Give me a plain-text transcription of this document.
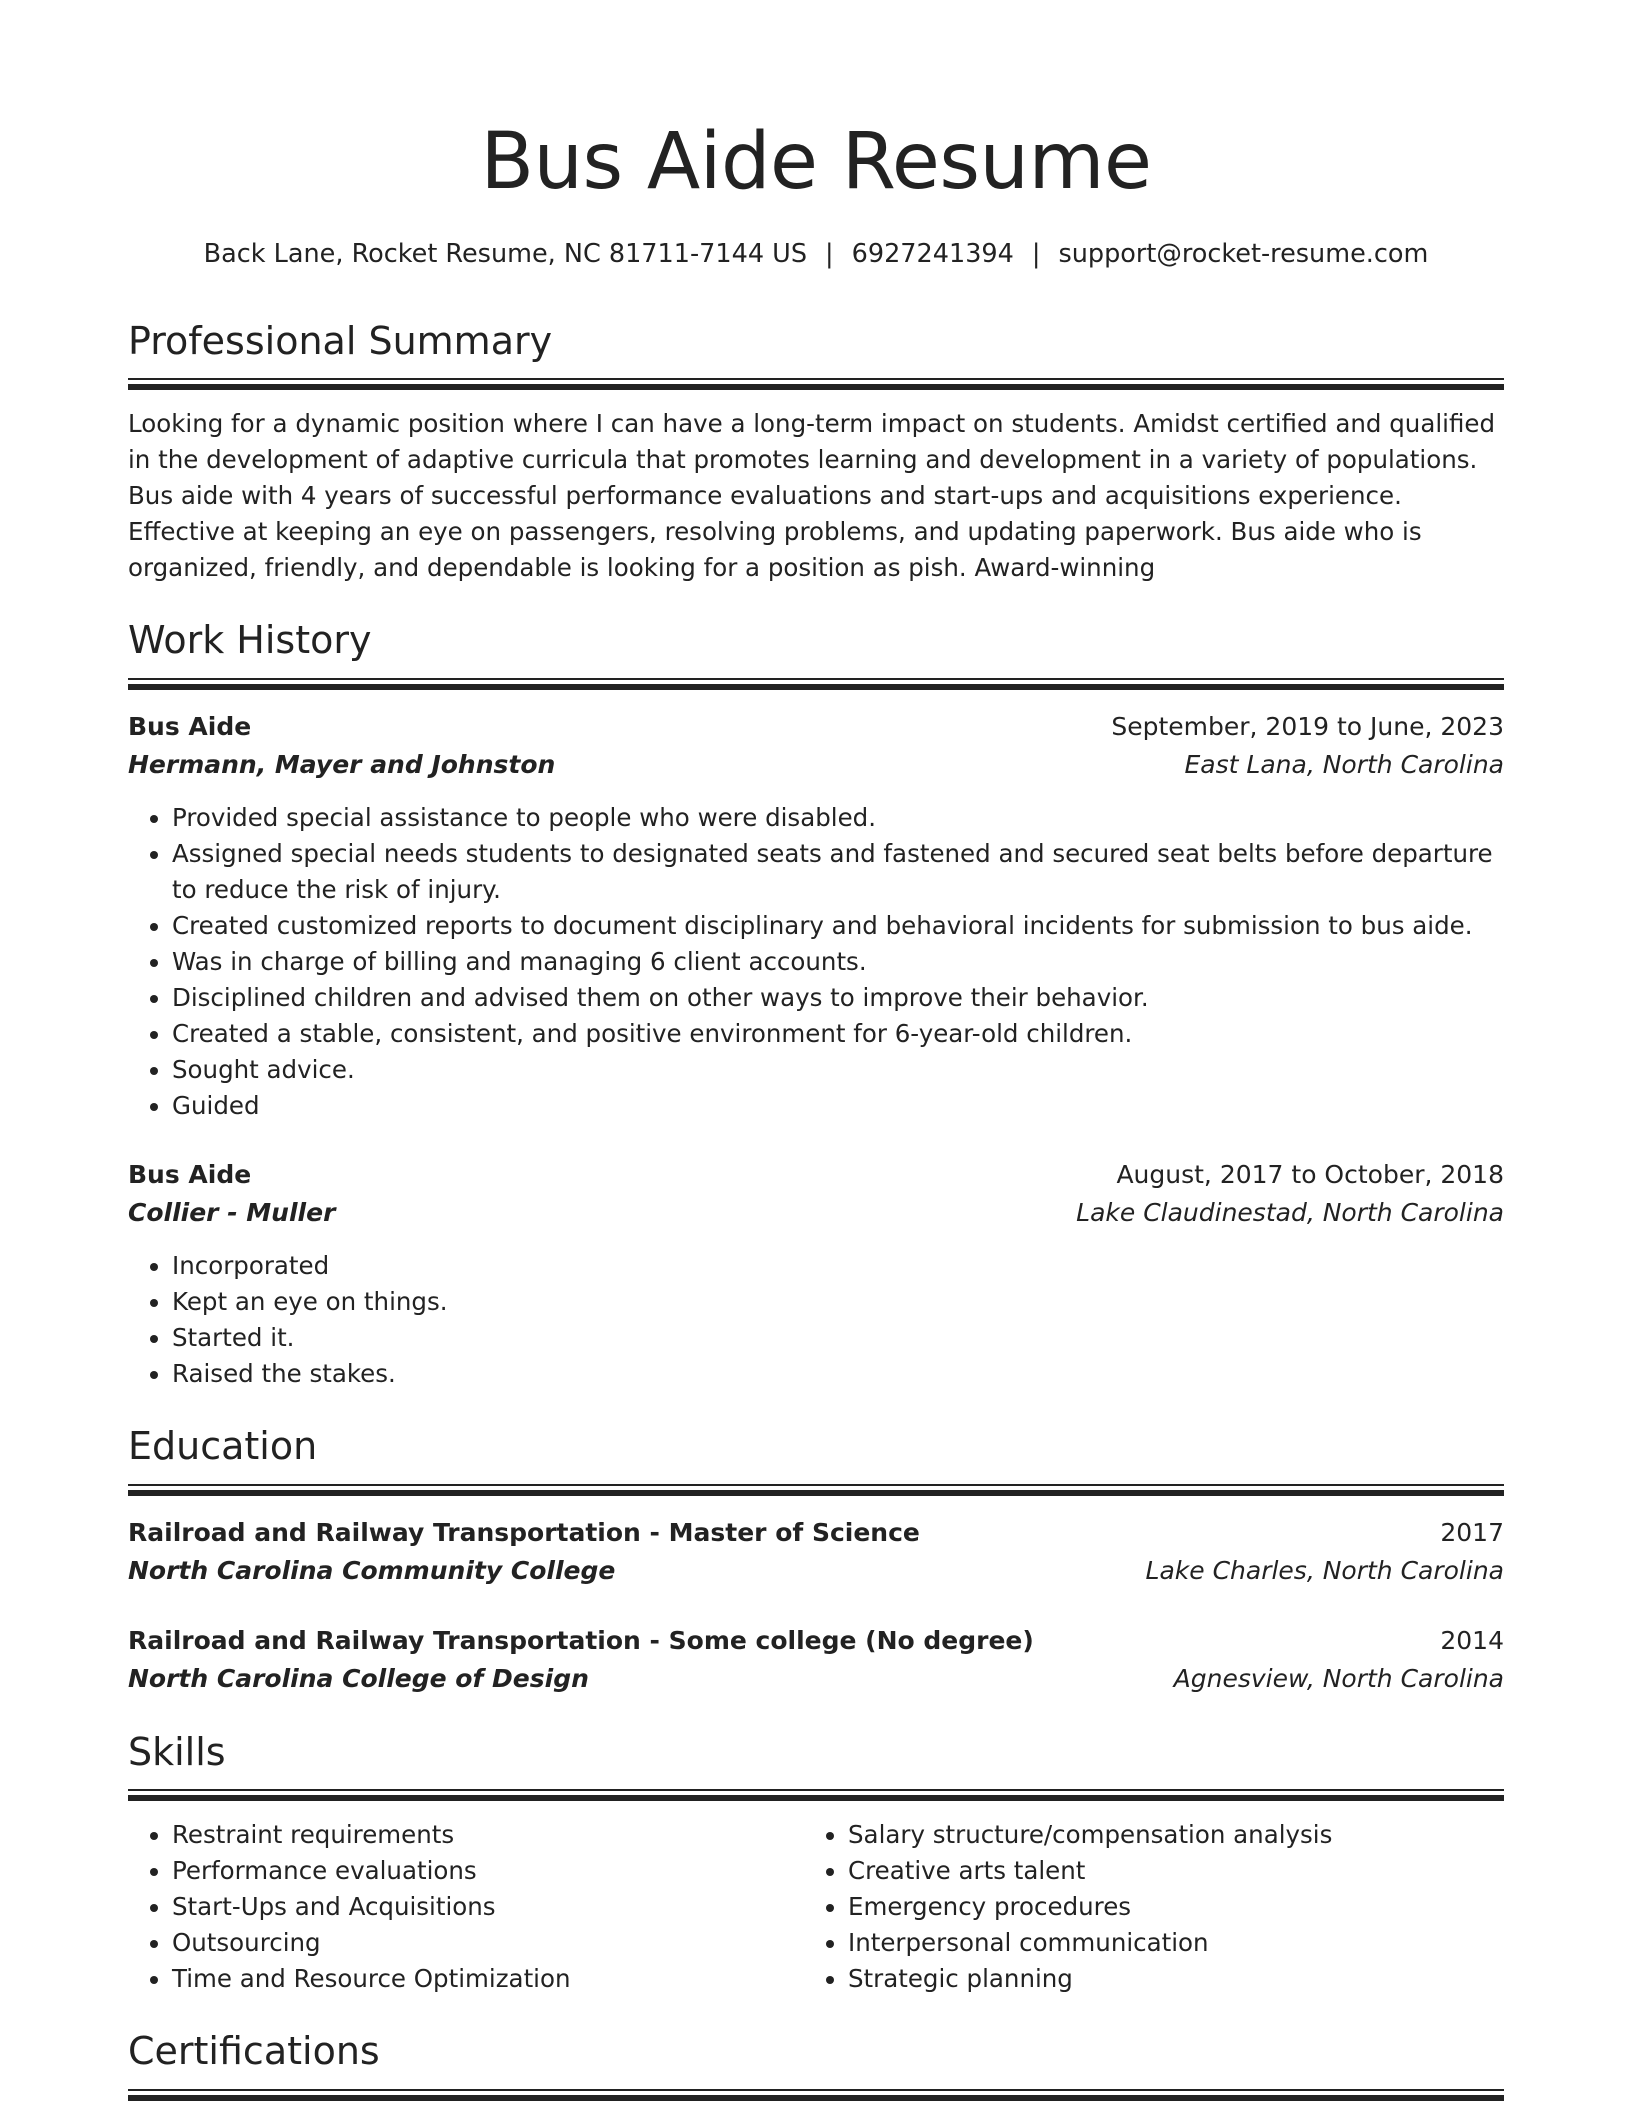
Bus Aide Resume
Back Lane, Rocket Resume, NC 81711-7144 US | 6927241394 | support@rocket-resume.com
Professional Summary
Looking for a dynamic position where I can have a long-term impact on students. Amidst certified and qualified in the development of adaptive curricula that promotes learning and development in a variety of populations. Bus aide with 4 years of successful performance evaluations and start-ups and acquisitions experience. Effective at keeping an eye on passengers, resolving problems, and updating paperwork. Bus aide who is organized, friendly, and dependable is looking for a position as pish. Award-winning
Work History
Bus Aide	September, 2019 to June, 2023
Hermann, Mayer and Johnston	East Lana, North Carolina
• Provided special assistance to people who were disabled.
• Assigned special needs students to designated seats and fastened and secured seat belts before departure to reduce the risk of injury.
• Created customized reports to document disciplinary and behavioral incidents for submission to bus aide.
• Was in charge of billing and managing 6 client accounts.
• Disciplined children and advised them on other ways to improve their behavior.
• Created a stable, consistent, and positive environment for 6-year-old children.
• Sought advice.
• Guided
Bus Aide	August, 2017 to October, 2018
Collier - Muller	Lake Claudinestad, North Carolina
• Incorporated
• Kept an eye on things.
• Started it.
• Raised the stakes.
Education
Railroad and Railway Transportation - Master of Science	2017
North Carolina Community College	Lake Charles, North Carolina
Railroad and Railway Transportation - Some college (No degree)	2014
North Carolina College of Design	Agnesview, North Carolina
Skills
• Restraint requirements
• Performance evaluations
• Start-Ups and Acquisitions
• Outsourcing
• Time and Resource Optimization
• Salary structure/compensation analysis
• Creative arts talent
• Emergency procedures
• Interpersonal communication
• Strategic planning
Certifications
